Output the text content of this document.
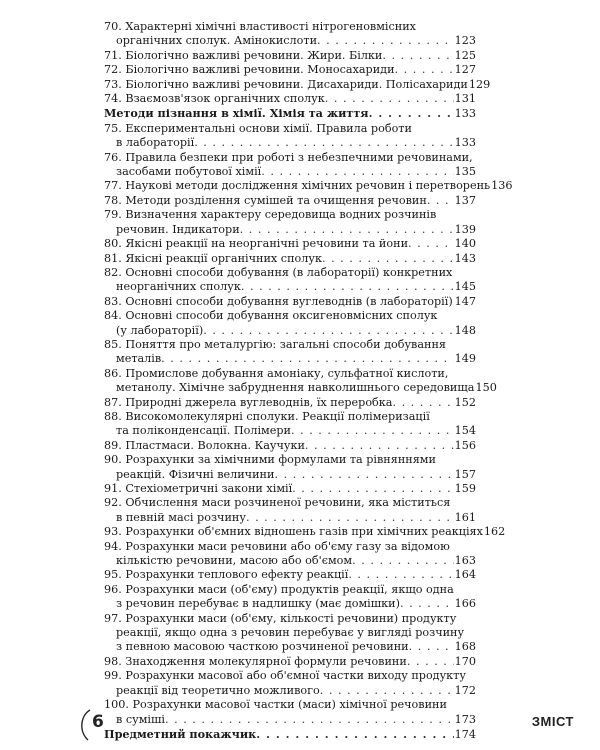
70. Характерні хімічні властивості нітрогеновмісних
органічних сполук. Амінокислоти . . .	123
71. Біологічно важливі речовини. Жири. Білки . . .	125
72. Біологічно важливі речовини. Моносахариди . . .	127
73. Біологічно важливі речовини. Дисахариди. Полісахариди 129
74. Взаємозв'язок органічних сполук . . .	131
Методи пізнання в хімії. Хімія та життя . . .	133
75. Експериментальні основи хімії. Правила роботи
в лабораторії . . .	133
76. Правила безпеки при роботі з небезпечними речовинами,
засобами побутової хімії . . .	135
77. Наукові методи дослідження хімічних речовин і перетворень 136
78. Методи розділення сумішей та очищення речовин . . . 137
79. Визначення характеру середовища водних розчинів
речовин. Індикатори . . .	139
80. Якісні реакції на неорганічні речовини та йони . . .	140
81. Якісні реакції органічних сполук . . .	143
82. Основні способи добування (в лабораторії) конкретних
неорганічних сполук . . .	145
83. Основні способи добування вуглеводнів (в лабораторії) . . . 147
84. Основні способи добування оксигеновмісних сполук
(у лабораторії) . . .	148
85. Поняття про металургію: загальні способи добування
металів . . .	149
86. Промислове добування амоніаку, сульфатної кислоти,
метанолу. Хімічне забруднення навколишнього середовища 150
87. Природні джерела вуглеводнів, їх переробка . . .	152
88. Високомолекулярні сполуки. Реакції полімеризації
та поліконденсації. Полімери . . .	154
89. Пластмаси. Волокна. Каучуки . . .	156
90. Розрахунки за хімічними формулами та рівняннями
реакцій. Фізичні величини . . .	157
91. Стехіометричні закони хімії . . .	159
92. Обчислення маси розчиненої речовини, яка міститься
в певній масі розчину . . .	161
93. Розрахунки об'ємних відношень газів при хімічних реакціях 162
94. Розрахунки маси речовини або об'єму газу за відомою
кількістю речовини, масою або об'ємом . . .	163
95. Розрахунки теплового ефекту реакції . . .	164
96. Розрахунки маси (об'єму) продуктів реакції, якщо одна
з речовин перебуває в надлишку (має домішки) . . .	166
97. Розрахунки маси (об'єму, кількості речовини) продукту
реакції, якщо одна з речовин перебуває у вигляді розчину
з певною масовою часткою розчиненої речовини . . .	168
98. Знаходження молекулярної формули речовини . . .	170
99. Розрахунки масової або об'ємної частки виходу продукту
реакції від теоретично можливого . . .	172
100. Розрахунки масової частки (маси) хімічної речовини
в суміші . . .	173
Предметний покажчик . . .	174
6	ЗМІСТ
